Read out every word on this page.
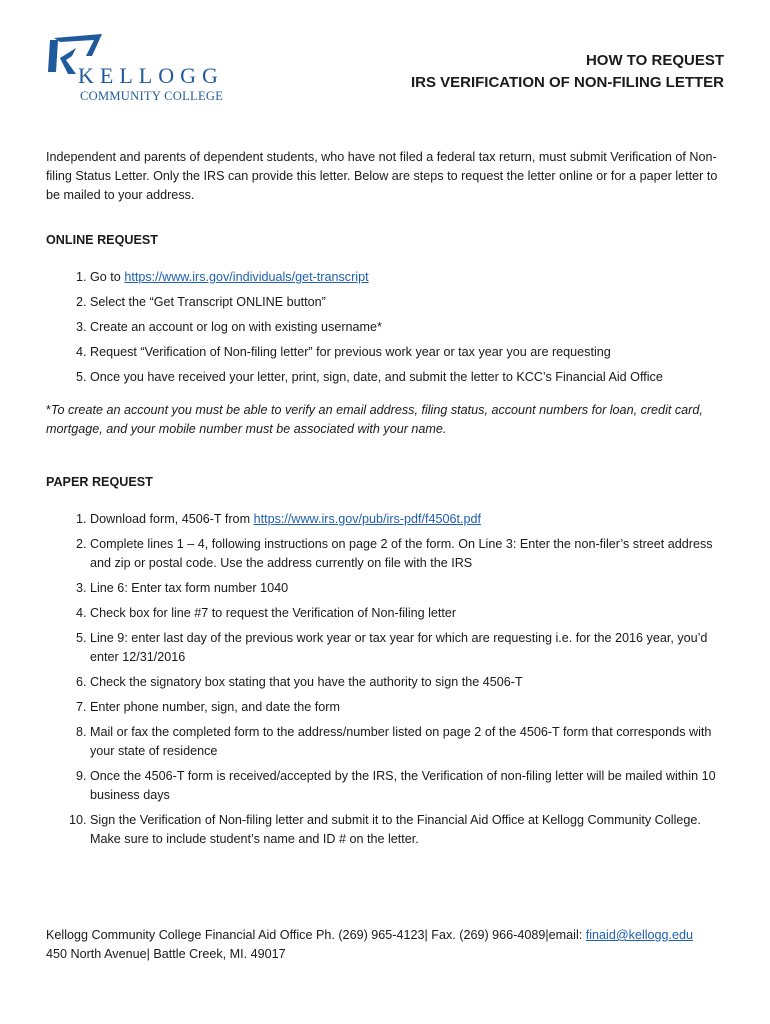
KELLOGG
COMMUNITY COLLEGE
HOW TO REQUEST
IRS VERIFICATION OF NON-FILING LETTER

Independent and parents of dependent students, who have not filed a federal tax return, must submit Verification of Non-filing Status Letter. Only the IRS can provide this letter. Below are steps to request the letter online or for a paper letter to be mailed to your address.

ONLINE REQUEST
1. Go to https://www.irs.gov/individuals/get-transcript
2. Select the “Get Transcript ONLINE button”
3. Create an account or log on with existing username*
4. Request “Verification of Non-filing letter” for previous work year or tax year you are requesting
5. Once you have received your letter, print, sign, date, and submit the letter to KCC’s Financial Aid Office

*To create an account you must be able to verify an email address, filing status, account numbers for loan, credit card, mortgage, and your mobile number must be associated with your name.

PAPER REQUEST
1. Download form, 4506-T from https://www.irs.gov/pub/irs-pdf/f4506t.pdf
2. Complete lines 1 – 4, following instructions on page 2 of the form. On Line 3: Enter the non-filer’s street address and zip or postal code. Use the address currently on file with the IRS
3. Line 6: Enter tax form number 1040
4. Check box for line #7 to request the Verification of Non-filing letter
5. Line 9: enter last day of the previous work year or tax year for which are requesting i.e. for the 2016 year, you’d enter 12/31/2016
6. Check the signatory box stating that you have the authority to sign the 4506-T
7. Enter phone number, sign, and date the form
8. Mail or fax the completed form to the address/number listed on page 2 of the 4506-T form that corresponds with your state of residence
9. Once the 4506-T form is received/accepted by the IRS, the Verification of non-filing letter will be mailed within 10 business days
10. Sign the Verification of Non-filing letter and submit it to the Financial Aid Office at Kellogg Community College. Make sure to include student’s name and ID # on the letter.
Kellogg Community College Financial Aid Office Ph. (269) 965-4123| Fax. (269) 966-4089|email: finaid@kellogg.edu
450 North Avenue| Battle Creek, MI. 49017
